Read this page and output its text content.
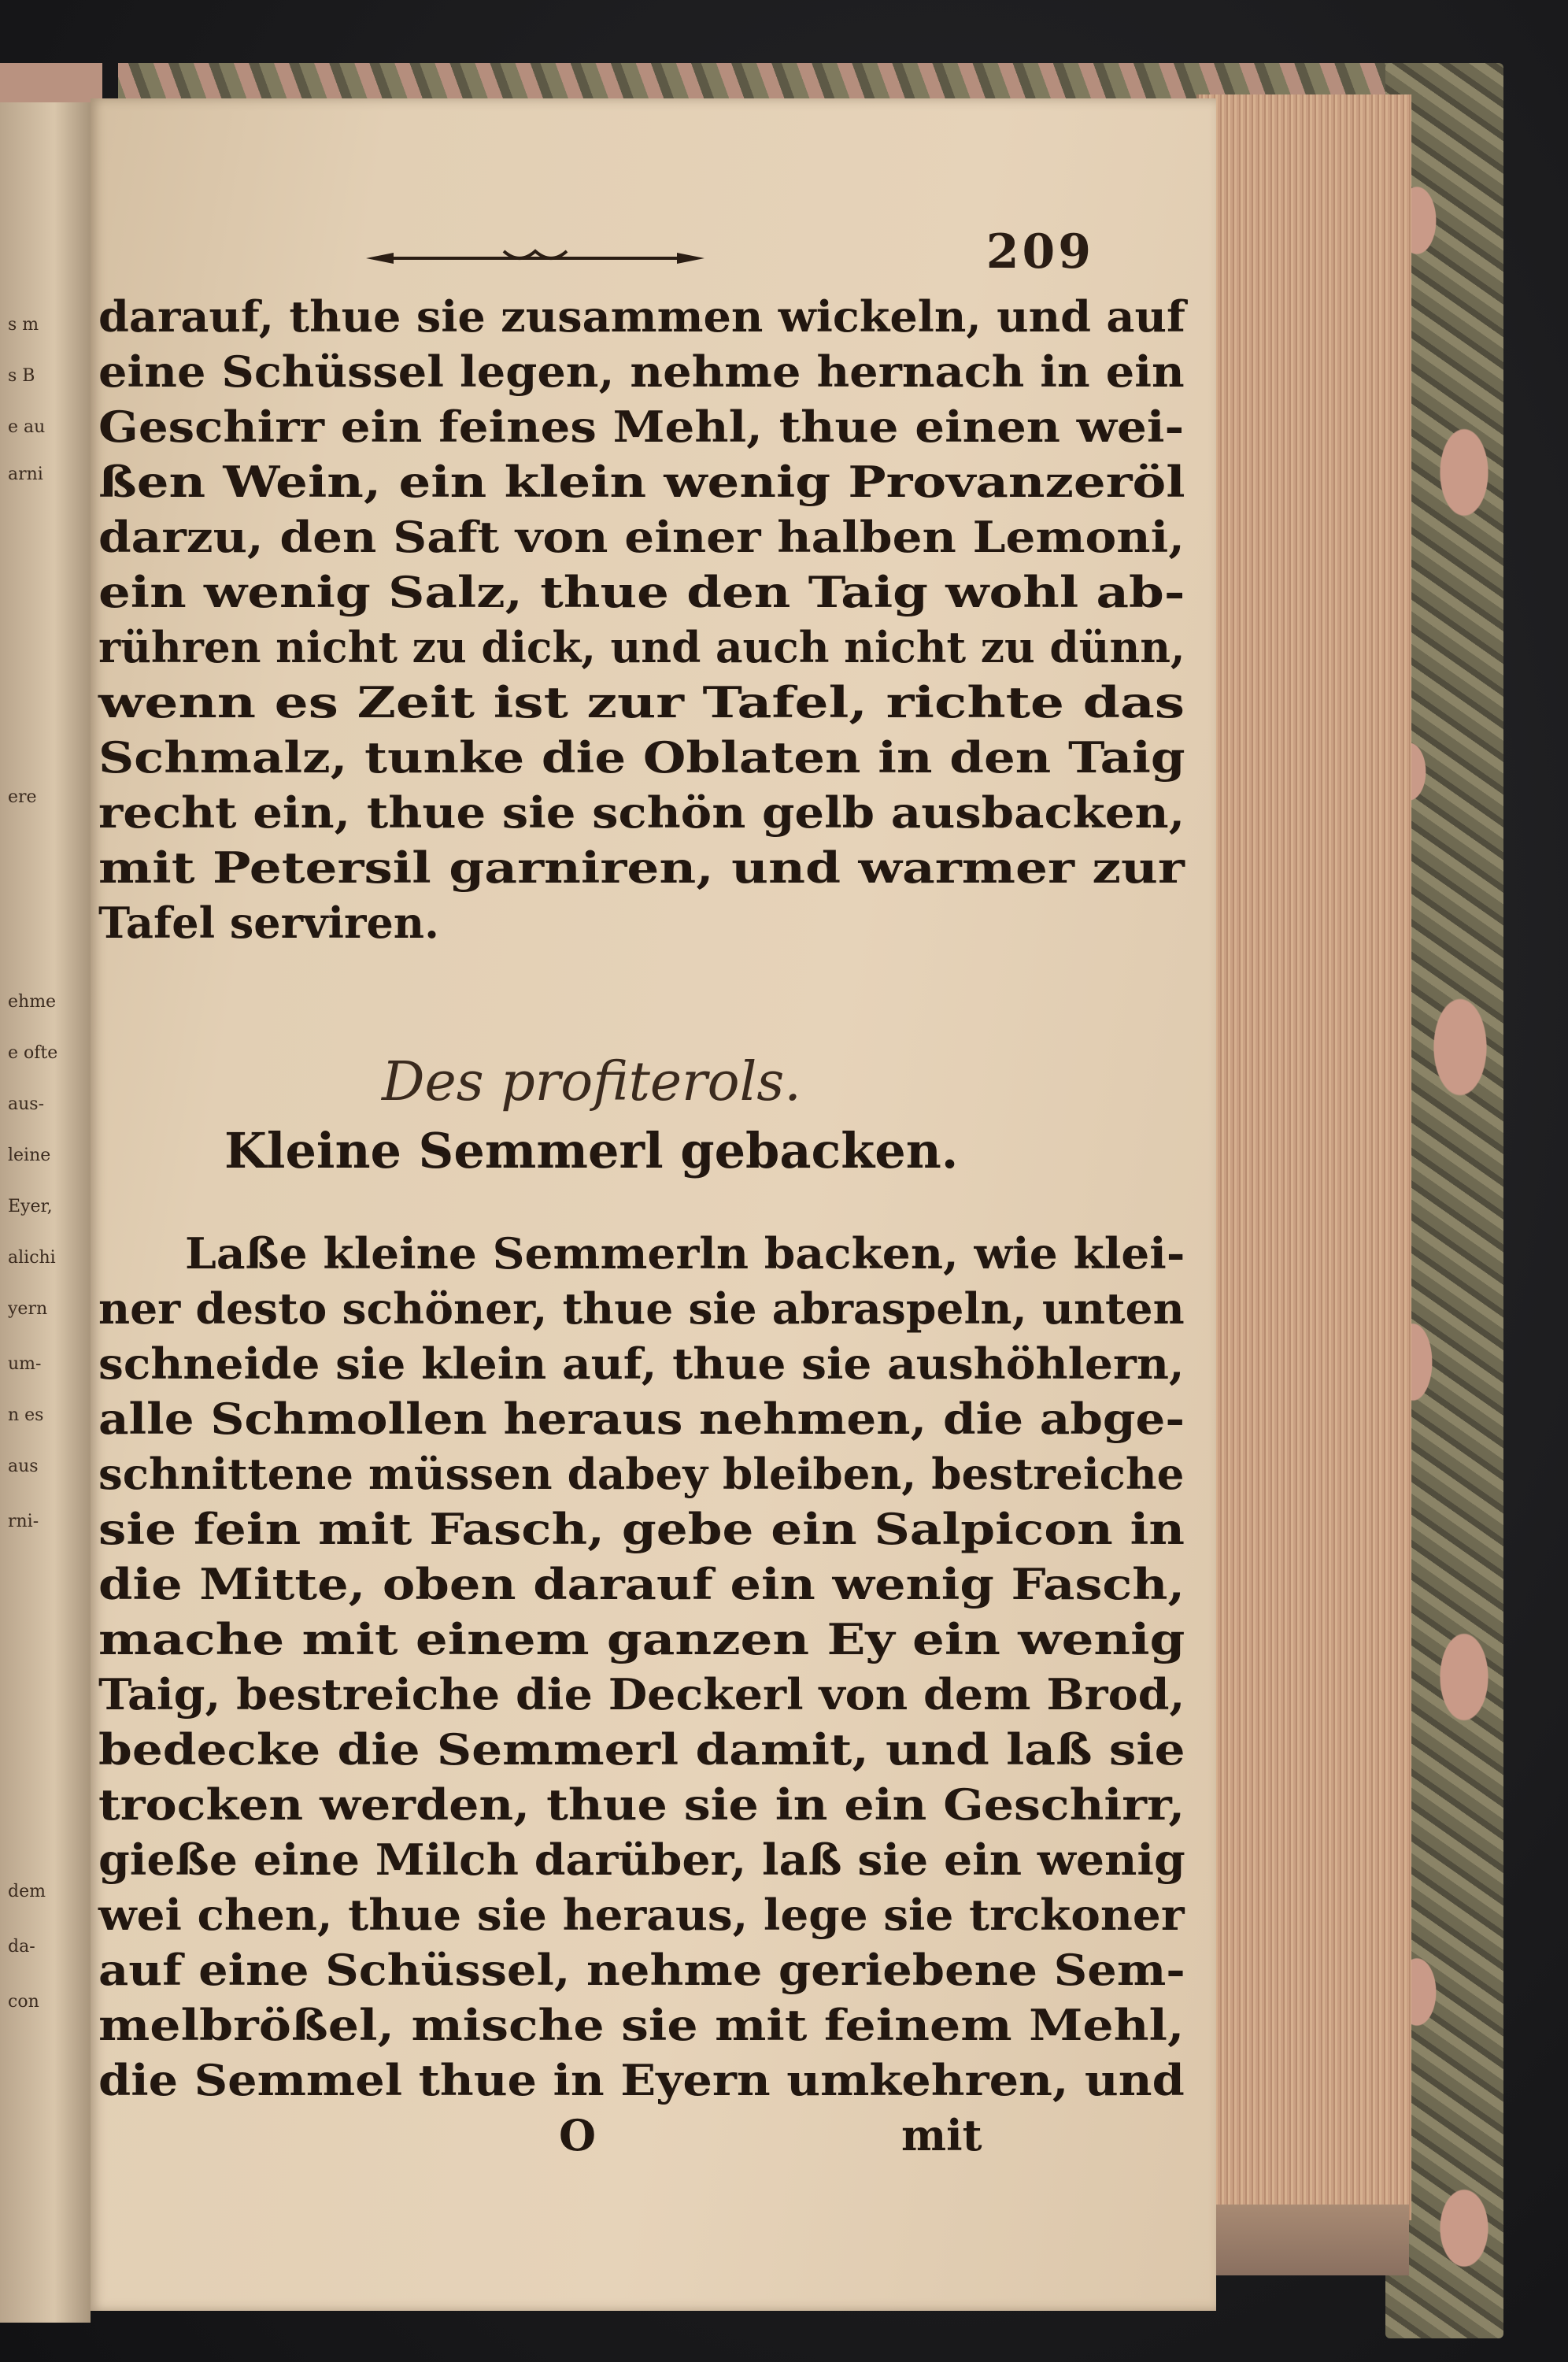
s m
s B
e au
arni
ere
ehme
e ofte
aus-
leine
Eyer,
alichi
yern
um-
n es
aus
rni-
dem
da-
con
209
darauf, thue sie zusammen wickeln, und auf
eine Schüssel legen, nehme hernach in ein
Geschirr ein feines Mehl, thue einen wei-
ßen Wein, ein klein wenig Provanzeröl
darzu, den Saft von einer halben Lemoni,
ein wenig Salz, thue den Taig wohl ab-
rühren nicht zu dick, und auch nicht zu dünn,
wenn es Zeit ist zur Tafel, richte das
Schmalz, tunke die Oblaten in den Taig
recht ein, thue sie schön gelb ausbacken,
mit Petersil garniren, und warmer zur
Tafel serviren.
Des profiterols.
Kleine Semmerl gebacken.
Laße kleine Semmerln backen, wie klei-
ner desto schöner, thue sie abraspeln, unten
schneide sie klein auf, thue sie aushöhlern,
alle Schmollen heraus nehmen, die abge-
schnittene müssen dabey bleiben, bestreiche
sie fein mit Fasch, gebe ein Salpicon in
die Mitte, oben darauf ein wenig Fasch,
mache mit einem ganzen Ey ein wenig
Taig, bestreiche die Deckerl von dem Brod,
bedecke die Semmerl damit, und laß sie
trocken werden, thue sie in ein Geschirr,
gieße eine Milch darüber, laß sie ein wenig
wei chen, thue sie heraus, lege sie trckoner
auf eine Schüssel, nehme geriebene Sem-
melbrößel, mische sie mit feinem Mehl,
die Semmel thue in Eyern umkehren, und
O	mit
